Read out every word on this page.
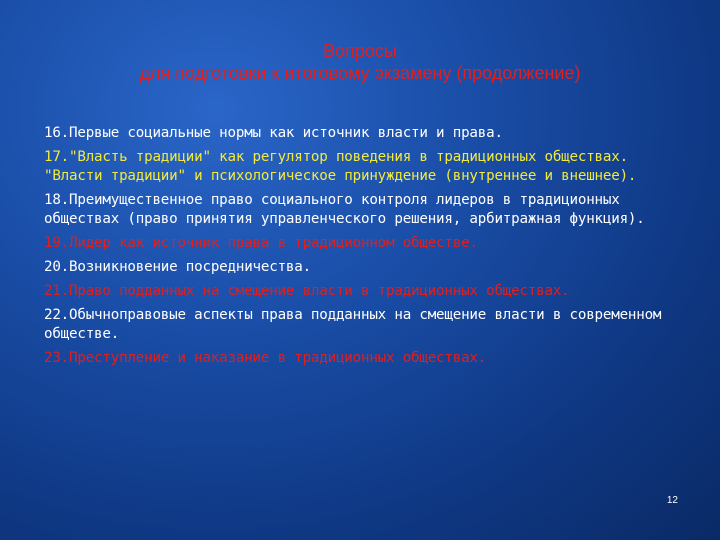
Вопросы
для подготовки к итоговому экзамену (продолжение)
16.Первые социальные нормы как источник власти и права.
17."Власть традиции" как регулятор поведения в традиционных обществах. "Власти традиции" и психологическое принуждение (внутреннее и внешнее).
18.Преимущественное право социального контроля лидеров в традиционных обществах (право принятия управленческого решения, арбитражная функция).
19.Лидер как источник права в традиционном обществе.
20.Возникновение посредничества.
21.Право подданных на смещение власти в традиционных обществах.
22.Обычноправовые аспекты права подданных на смещение власти в современном обществе.
23.Преступление и наказание в традиционных обществах.
12
